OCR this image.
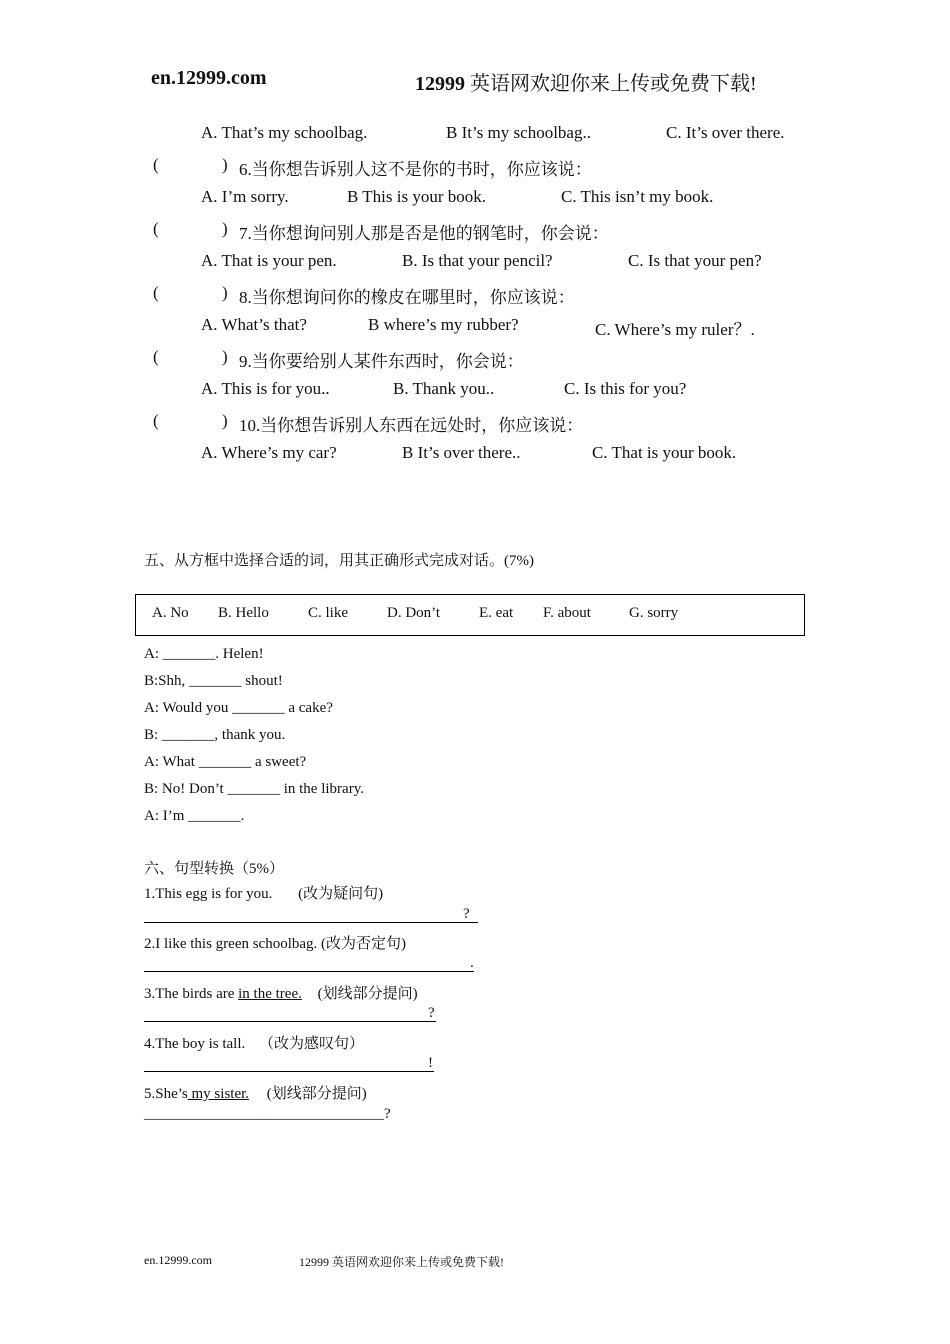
en.12999.com	12999 英语网欢迎你来上传或免费下载!
A. That’s my schoolbag.	B It’s my schoolbag..	C. It’s over there.
(	) 6.当你想告诉别人这不是你的书时，你应该说：
A. I’m sorry.	B This is your book.	C. This isn’t my book.
(	) 7.当你想询问别人那是否是他的钢笔时，你会说：
A. That is your pen.	B. Is that your pencil?	C. Is that your pen?
(	) 8.当你想询问你的橡皮在哪里时，你应该说：
A. What’s that?	B where’s my rubber?	C. Where’s my ruler？.
(	) 9.当你要给别人某件东西时，你会说：
A. This is for you..	B. Thank you..	C. Is this for you?
(	) 10.当你想告诉别人东西在远处时，你应该说：
A. Where’s my car?	B It’s over there..	C. That is your book.
五、从方框中选择合适的词，用其正确形式完成对话。(7%)
A. No B. Hello	C. like	D. Don’t	E. eat F. about	G. sorry
A: _______. Helen!
B:Shh, _______ shout!
A: Would you _______ a cake?
B: _______, thank you.
A: What _______ a sweet?
B: No! Don’t _______ in the library.
A: I’m _______.
六、句型转换（5%）
1.This egg is for you. (改为疑问句)
?
2.I like this green schoolbag. (改为否定句)
.
3.The birds are in the tree. (划线部分提问)
?
4.The boy is tall. （改为感叹句）
!
5.She’s my sister. (划线部分提问)
________________________________?
en.12999.com	12999 英语网欢迎你来上传或免费下载!
